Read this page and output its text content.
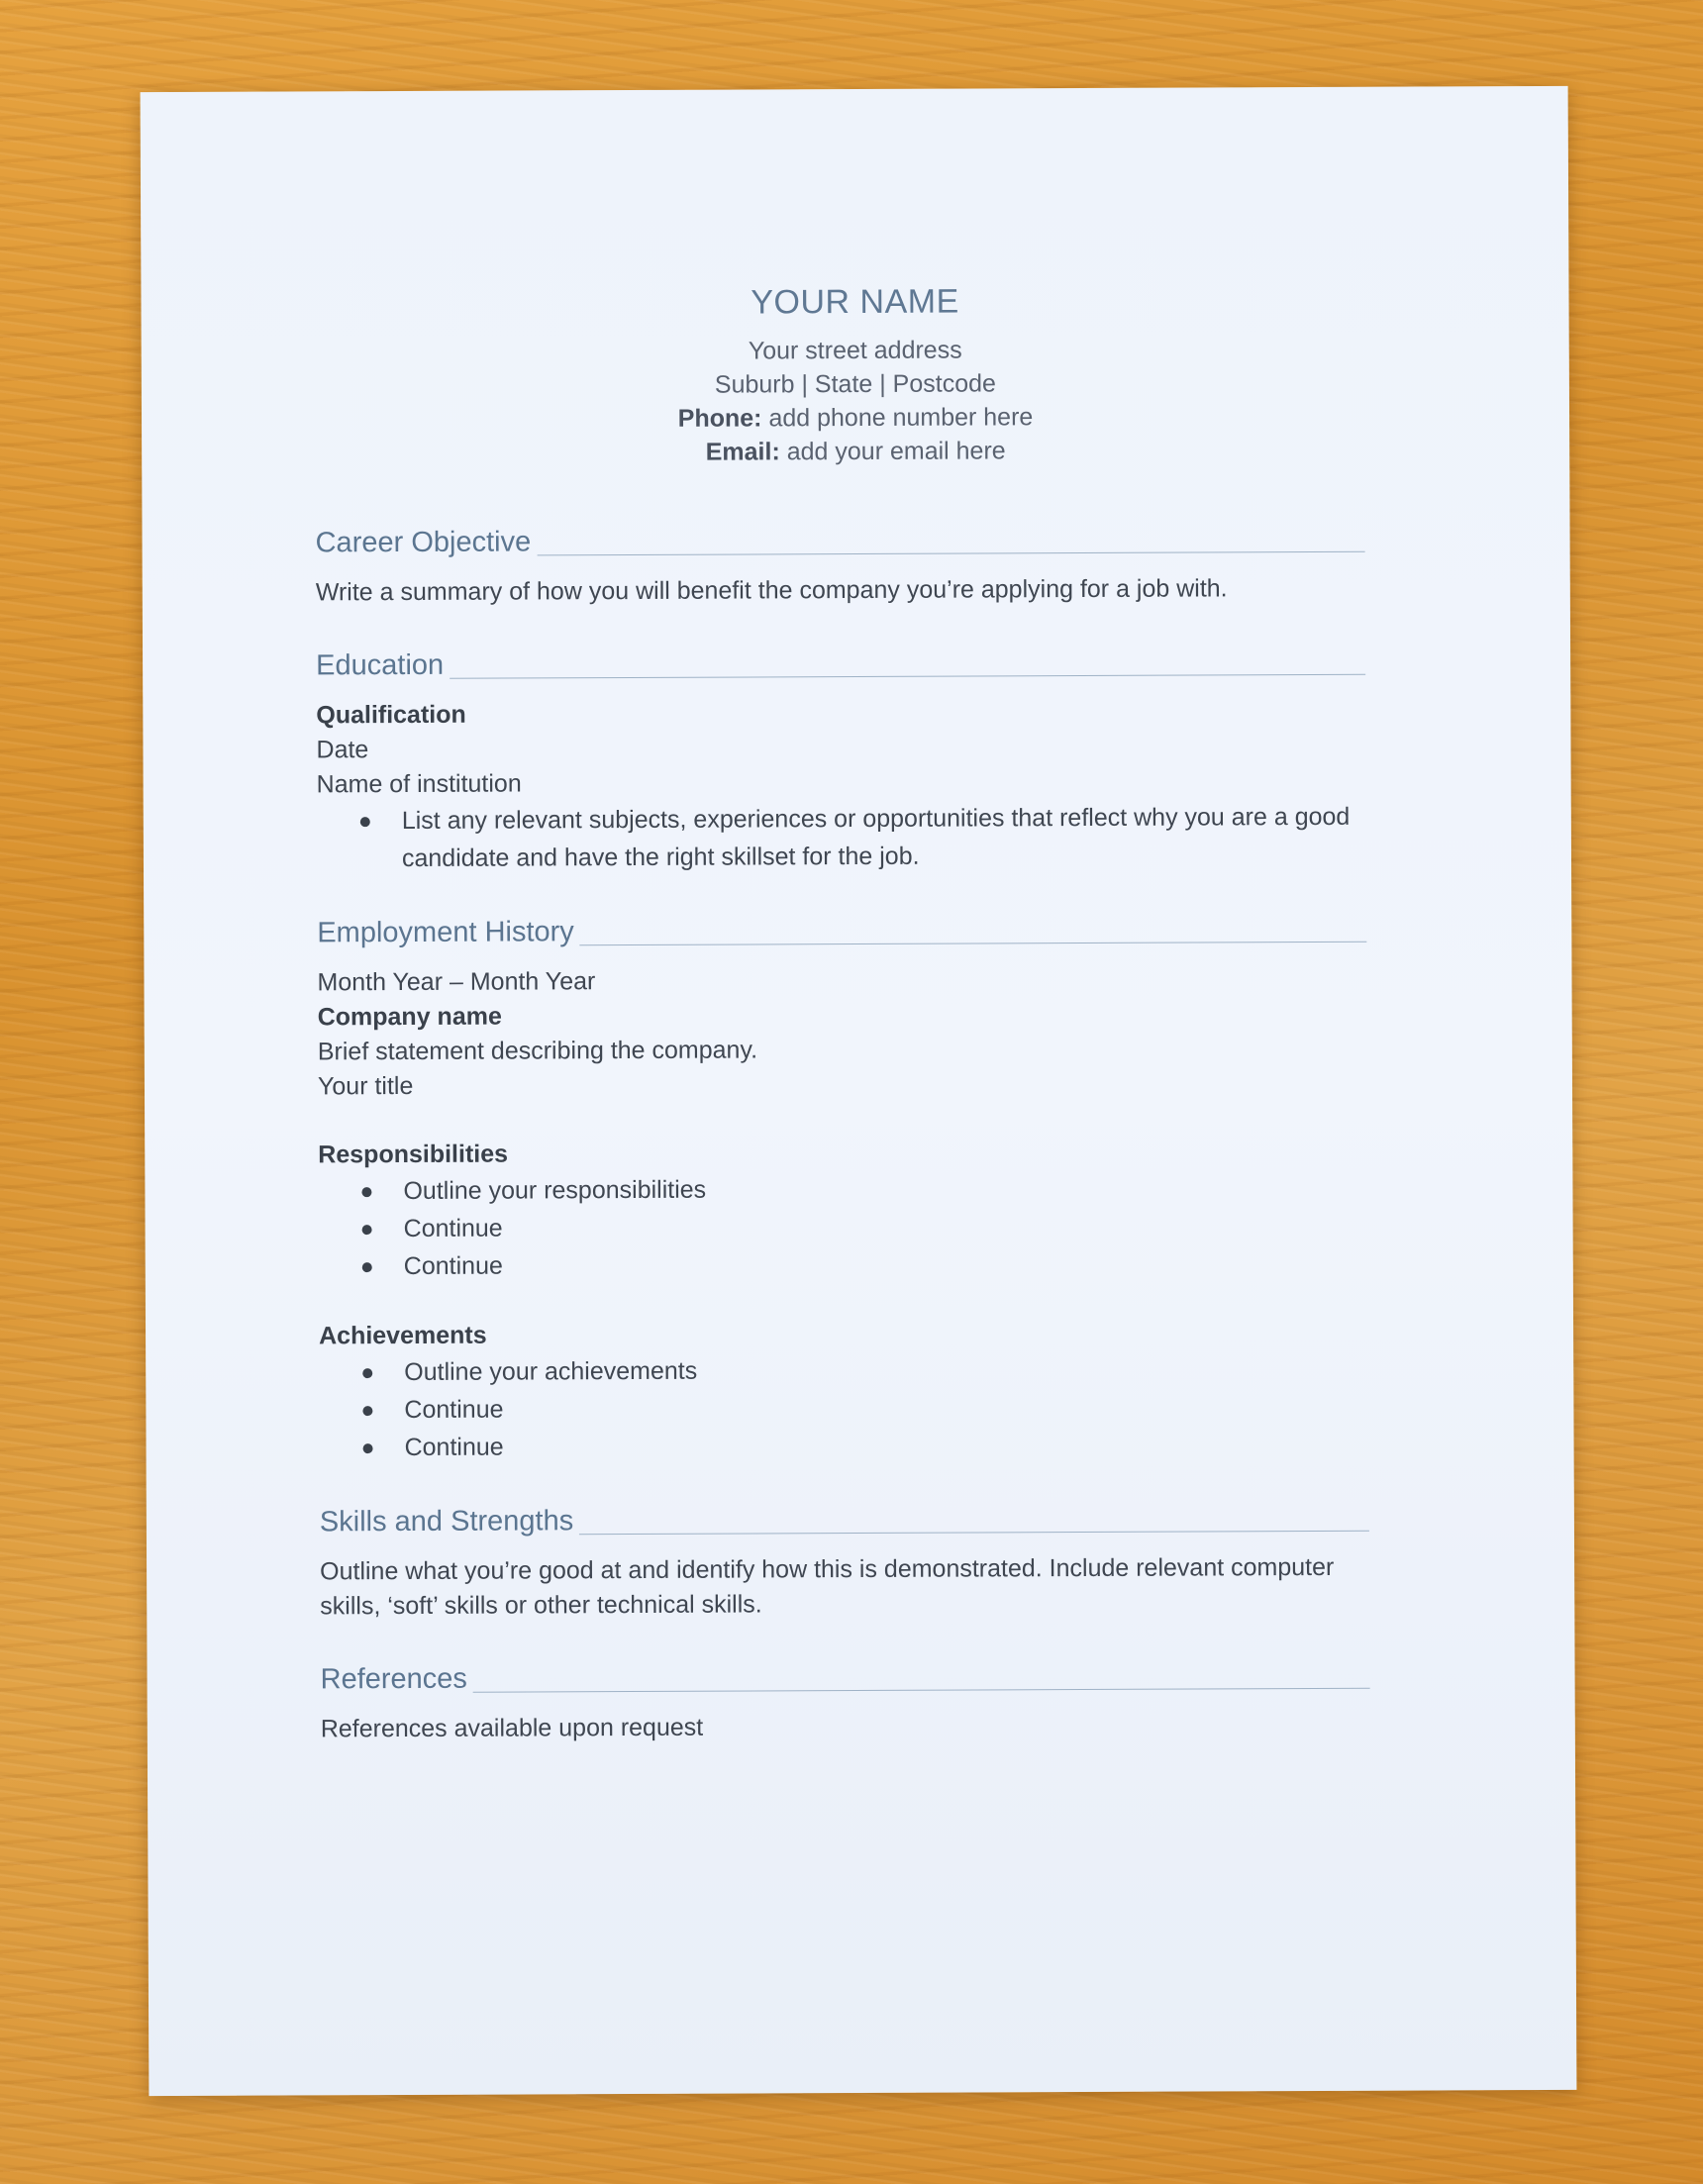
YOUR NAME
Your street address
Suburb | State | Postcode
Phone: add phone number here
Email: add your email here
Career Objective
Write a summary of how you will benefit the company you’re applying for a job with.
Education
Qualification
Date
Name of institution
List any relevant subjects, experiences or opportunities that reflect why you are a good candidate and have the right skillset for the job.
Employment History
Month Year – Month Year
Company name
Brief statement describing the company.
Your title
Responsibilities
Outline your responsibilities
Continue
Continue
Achievements
Outline your achievements
Continue
Continue
Skills and Strengths
Outline what you’re good at and identify how this is demonstrated. Include relevant computer skills, ‘soft’ skills or other technical skills.
References
References available upon request
